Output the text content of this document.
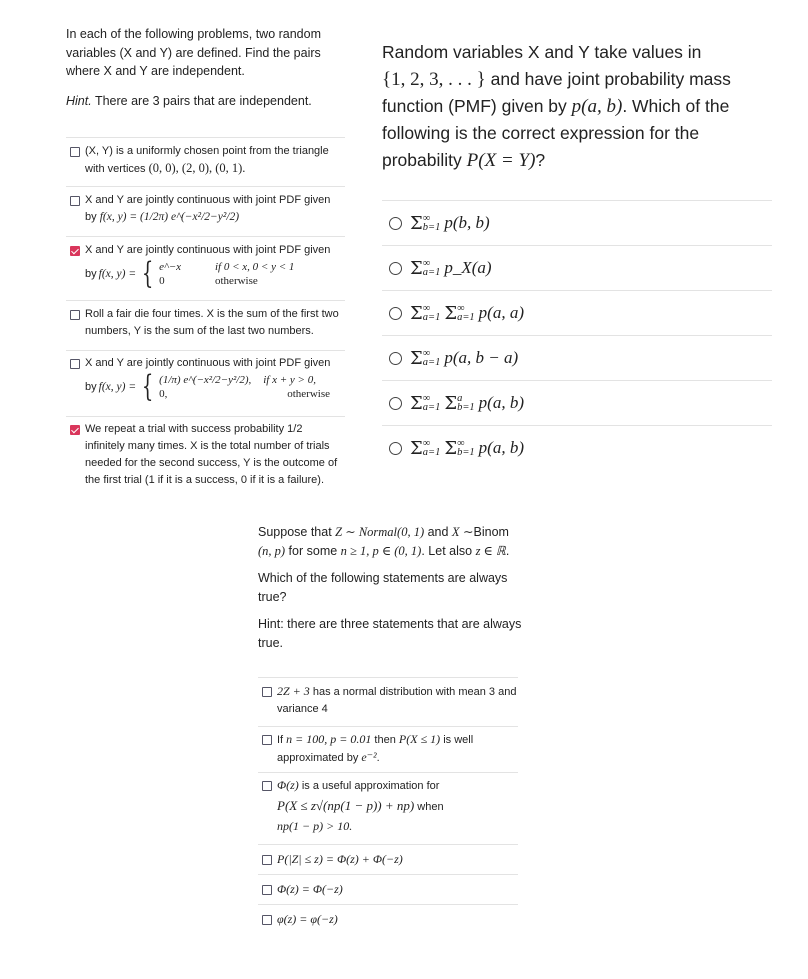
In each of the following problems, two random variables (X and Y) are defined. Find the pairs where X and Y are independent.

Hint. There are 3 pairs that are independent.

(X, Y) is a uniformly chosen point from the triangle
with vertices (0, 0), (2, 0), (0, 1).
X and Y are jointly continuous with joint PDF given
by f(x, y) = (1/2π) e^(−x²/2−y²/2)
X and Y are jointly continuous with joint PDF given
by f(x, y) = { e^−x	if 0 < x, 0 < y < 1
0	otherwise
Roll a fair die four times. X is the sum of the first two
numbers, Y is the sum of the last two numbers.
X and Y are jointly continuous with joint PDF given
by f(x, y) = { (1/π) e^(−x²/2−y²/2), if x + y > 0,
0,	otherwise
We repeat a trial with success probability 1/2
infinitely many times. X is the total number of trials
needed for the second success, Y is the outcome of
the first trial (1 if it is a success, 0 if it is a failure).
Random variables X and Y take values in
{1, 2, 3, . . . } and have joint probability mass
function (PMF) given by p(a, b). Which of the
following is the correct expression for the
probability P(X = Y)?
Σ ∞
b=1 p(b, b)
Σ ∞
a=1 p_X(a)
Σ ∞
a=1 Σ ∞
a=1 p(a, a)
Σ ∞
a=1 p(a, b − a)
Σ ∞
a=1 Σ a
b=1 p(a, b)
Σ ∞
a=1 Σ ∞
b=1 p(a, b)

Suppose that Z ∼ Normal(0, 1) and X ∼Binom
(n, p) for some n ≥ 1, p ∈ (0, 1). Let also z ∈ ℝ.

Which of the following statements are always true?

Hint: there are three statements that are always true.

2Z + 3 has a normal distribution with mean 3 and
variance 4
If n = 100, p = 0.01 then P(X ≤ 1) is well
approximated by e⁻².
Φ(z) is a useful approximation for
P(X ≤ z√(np(1 − p)) + np) when
np(1 − p) > 10.
P(|Z| ≤ z) = Φ(z) + Φ(−z)
Φ(z) = Φ(−z)
φ(z) = φ(−z)
